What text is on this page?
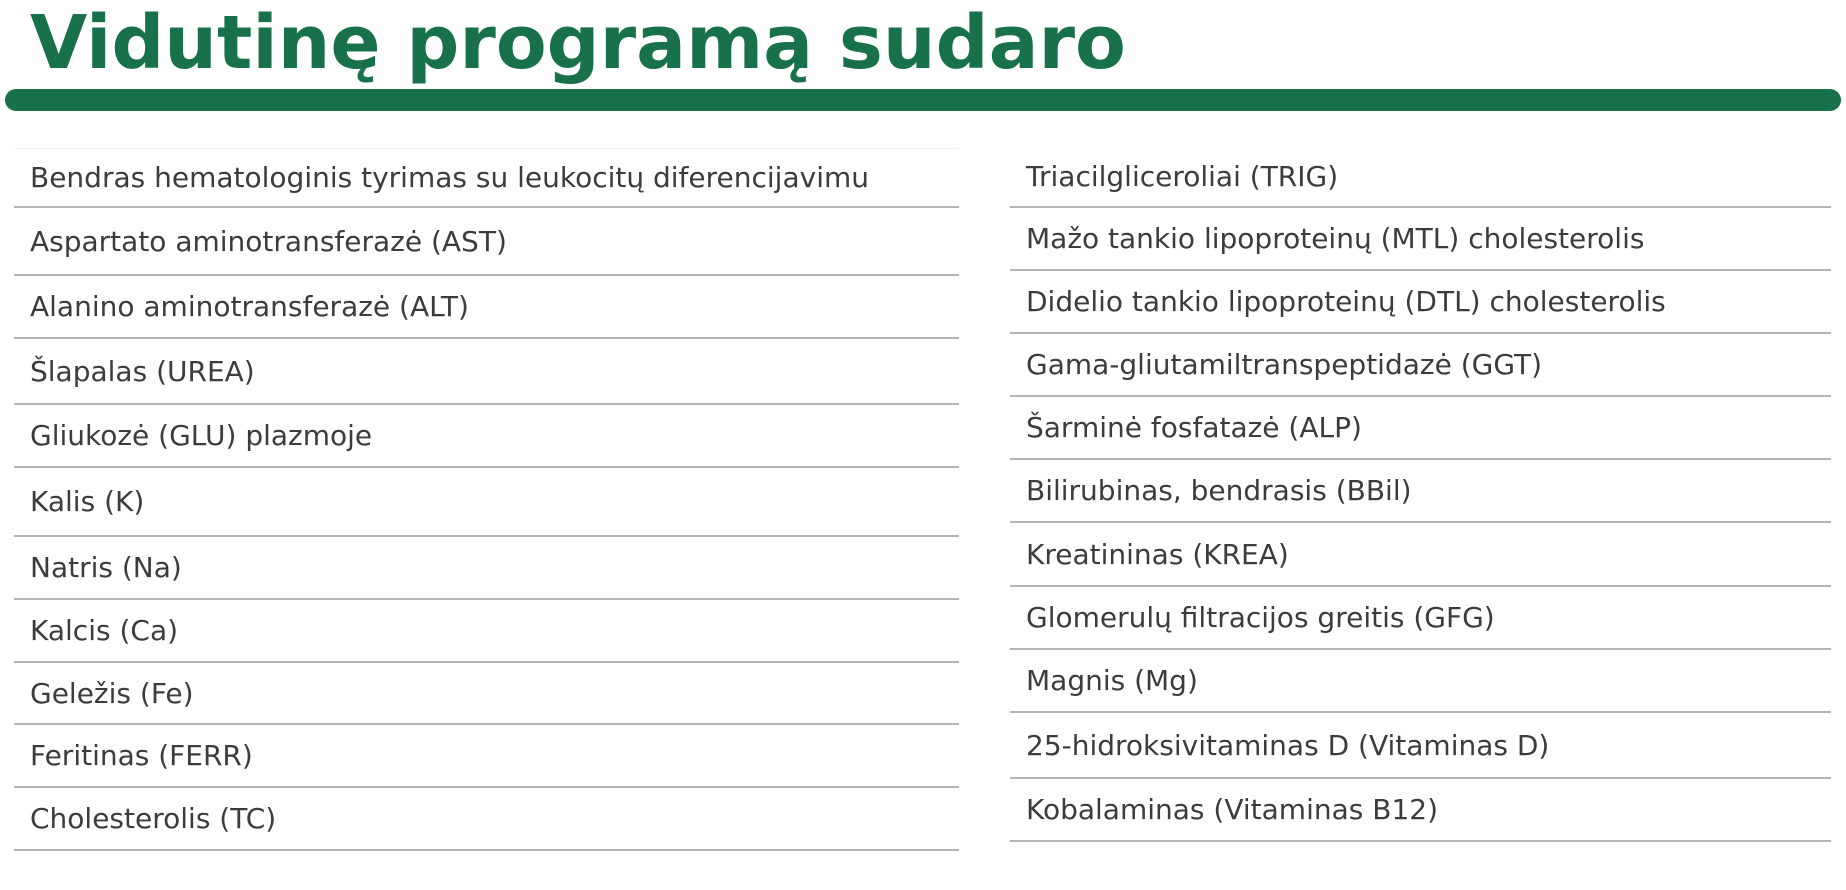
Vidutinę programą sudaro
Bendras hematologinis tyrimas su leukocitų diferencijavimu
Aspartato aminotransferazė (AST)
Alanino aminotransferazė (ALT)
Šlapalas (UREA)
Gliukozė (GLU) plazmoje
Kalis (K)
Natris (Na)
Kalcis (Ca)
Geležis (Fe)
Feritinas (FERR)
Cholesterolis (TC)
Triacilgliceroliai (TRIG)
Mažo tankio lipoproteinų (MTL) cholesterolis
Didelio tankio lipoproteinų (DTL) cholesterolis
Gama-gliutamiltranspeptidazė (GGT)
Šarminė fosfatazė (ALP)
Bilirubinas, bendrasis (BBil)
Kreatininas (KREA)
Glomerulų filtracijos greitis (GFG)
Magnis (Mg)
25-hidroksivitaminas D (Vitaminas D)
Kobalaminas (Vitaminas B12)
